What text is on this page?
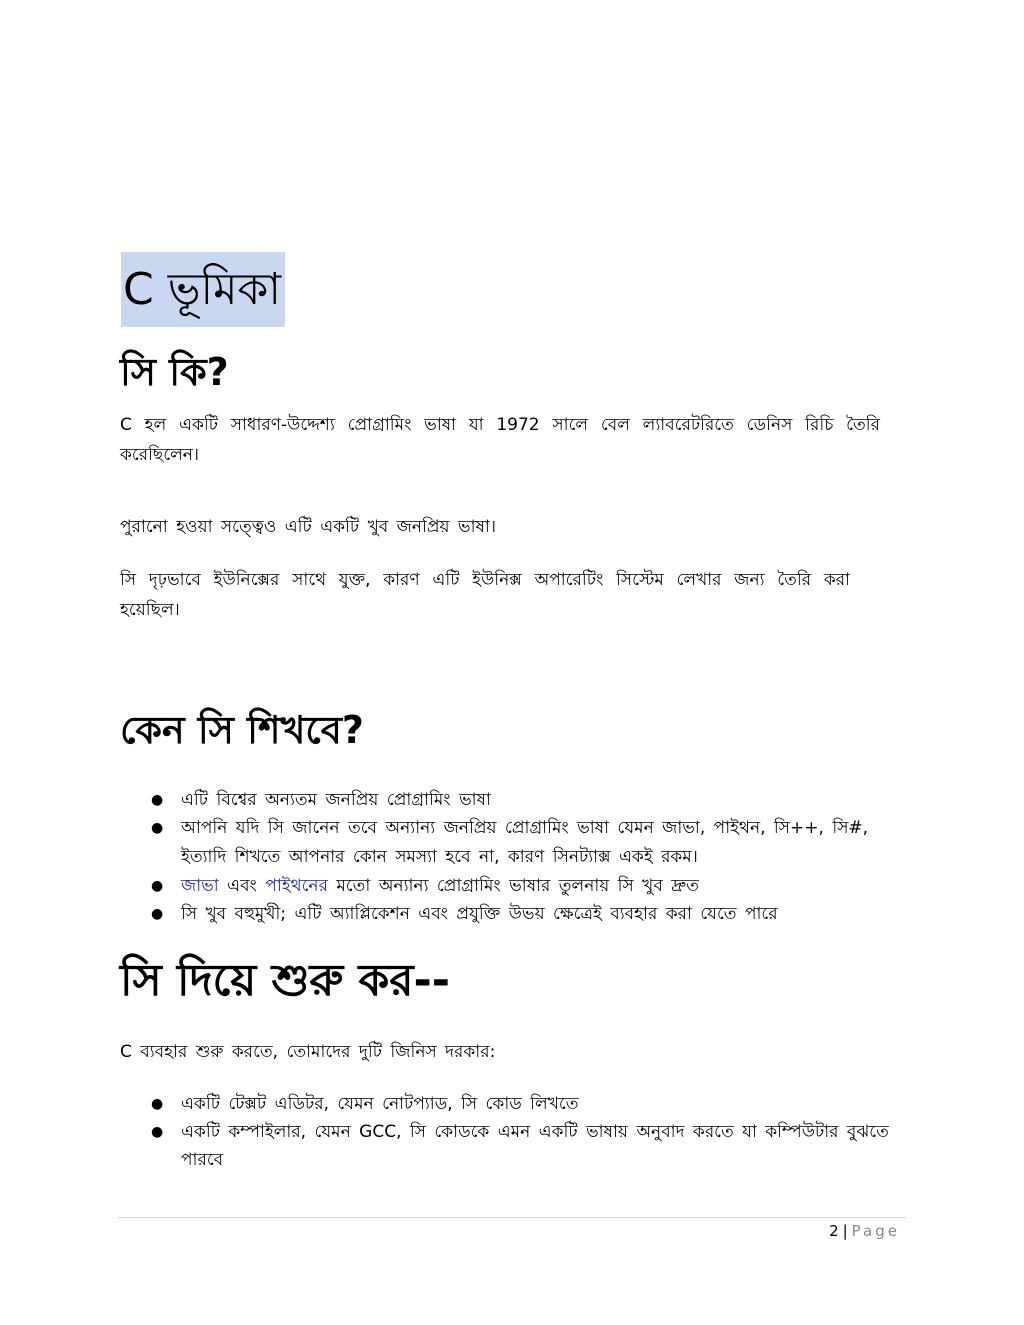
C ভূমিকা
সি কি?

C হল একটি সাধারণ-উদ্দেশ্য প্রোগ্রামিং ভাষা যা 1972 সালে বেল ল্যাবরেটরিতে ডেনিস রিচি তৈরি করেছিলেন।

পুরানো হওয়া সত্ত্বেও এটি একটি খুব জনপ্রিয় ভাষা।

সি দৃঢ়ভাবে ইউনিক্সের সাথে যুক্ত, কারণ এটি ইউনিক্স অপারেটিং সিস্টেম লেখার জন্য তৈরি করা হয়েছিল।

কেন সি শিখবে?
● এটি বিশ্বের অন্যতম জনপ্রিয় প্রোগ্রামিং ভাষা
● আপনি যদি সি জানেন তবে অন্যান্য জনপ্রিয় প্রোগ্রামিং ভাষা যেমন জাভা, পাইথন, সি++, সি#, ইত্যাদি শিখতে আপনার কোন সমস্যা হবে না, কারণ সিনট্যাক্স একই রকম।
● জাভা এবং পাইথনের মতো অন্যান্য প্রোগ্রামিং ভাষার তুলনায় সি খুব দ্রুত
● সি খুব বহুমুখী; এটি অ্যাপ্লিকেশন এবং প্রযুক্তি উভয় ক্ষেত্রেই ব্যবহার করা যেতে পারে
সি দিয়ে শুরু কর--

C ব্যবহার শুরু করতে, তোমাদের দুটি জিনিস দরকার:

● একটি টেক্সট এডিটর, যেমন নোটপ্যাড, সি কোড লিখতে
● একটি কম্পাইলার, যেমন GCC, সি কোডকে এমন একটি ভাষায় অনুবাদ করতে যা কম্পিউটার বুঝতে পারবে
2 | Page
